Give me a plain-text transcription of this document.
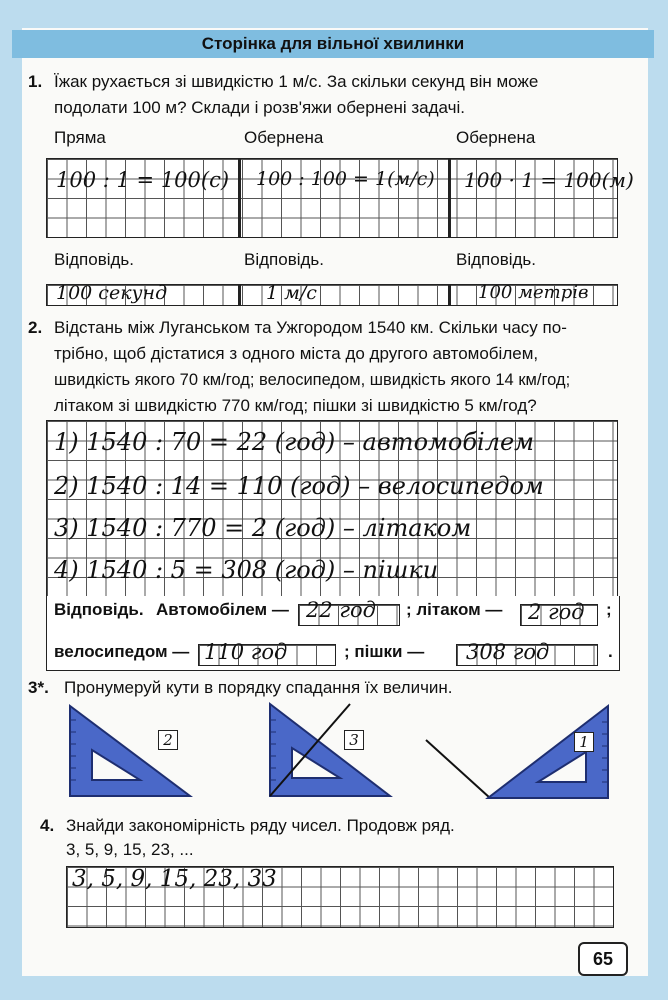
Сторінка для вільної хвилинки
1. Їжак рухається зі швидкістю 1 м/с. За скільки секунд він може
подолати 100 м? Склади і розв'яжи обернені задачі.
Пряма	Обернена	Обернена
100 : 1 = 100(с) 100 : 100 = 1(м/с) 100 · 1 = 100(м)
Відповідь.	Відповідь.	Відповідь.
100 секунд	1 м/с	100 метрів
2. Відстань між Луганськом та Ужгородом 1540 км. Скільки часу по-
трібно, щоб дістатися з одного міста до другого автомобілем,
швидкість якого 70 км/год; велосипедом, швидкість якого 14 км/год;
літаком зі швидкістю 770 км/год; пішки зі швидкістю 5 км/год?
1) 1540 : 70 = 22 (год) – автомобілем
2) 1540 : 14 = 110 (год) – велосипедом
3) 1540 : 770 = 2 (год) – літаком
4) 1540 : 5 = 308 (год) – пішки
Відповідь. Автомобілем — 22 год ; літаком — 2 год ;
велосипедом — 110 год	; пішки — 308 год	.
3*. Пронумеруй кути в порядку спадання їх величин.
2	3	1
4. Знайди закономірність ряду чисел. Продовж ряд.
3, 5, 9, 15, 23, ...
3, 5, 9, 15, 23, 33
65
